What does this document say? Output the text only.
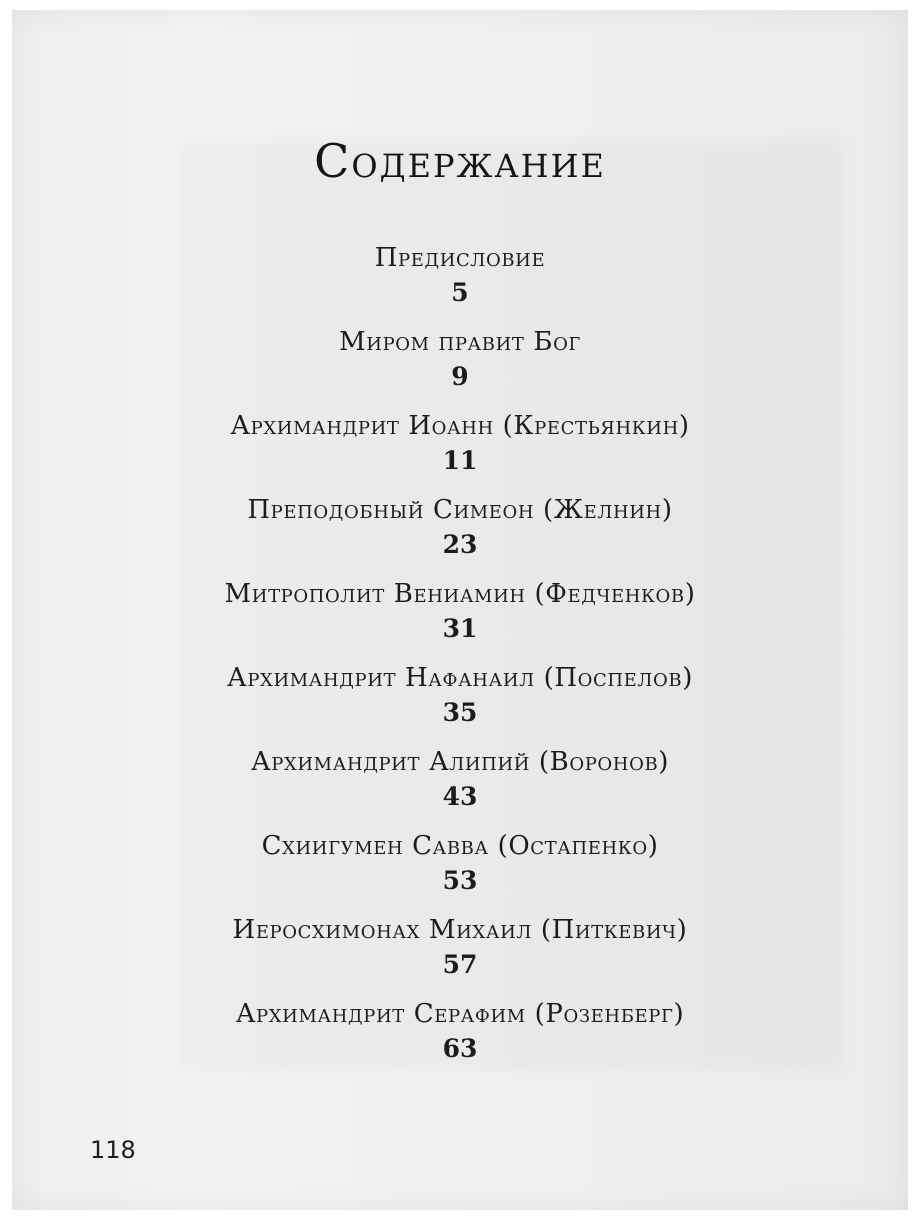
Содержание
Предисловие
5
Миром правит Бог
9
Архимандрит Иоанн (Крестьянкин)
11
Преподобный Симеон (Желнин)
23
Митрополит Вениамин (Федченков)
31
Архимандрит Нафанаил (Поспелов)
35
Архимандрит Алипий (Воронов)
43
Схиигумен Савва (Остапенко)
53
Иеросхимонах Михаил (Питкевич)
57
Архимандрит Серафим (Розенберг)
63
118
